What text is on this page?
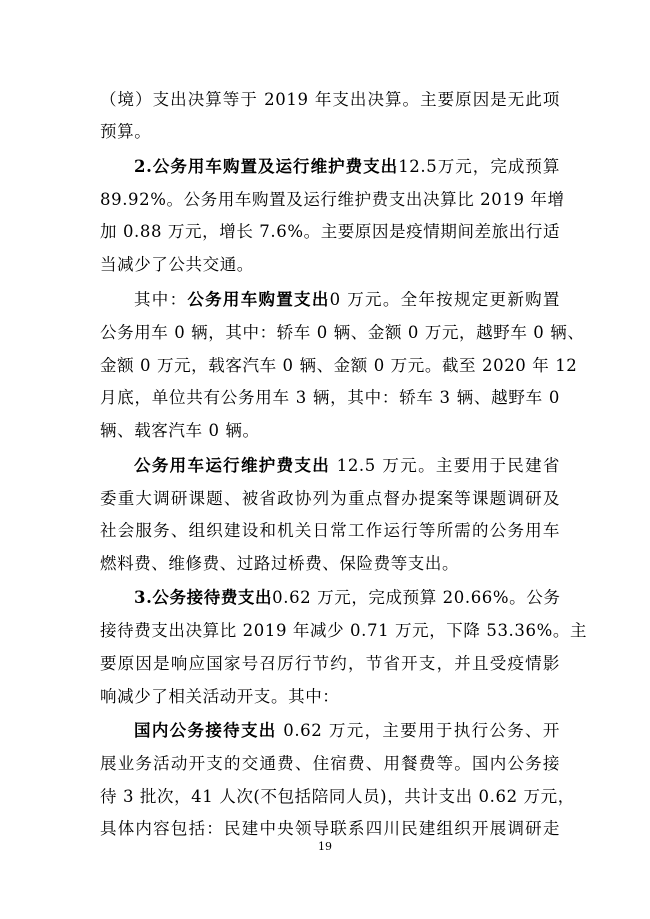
（境）支出决算等于 2019 年支出决算。主要原因是无此项
预算。
2.公务用车购置及运行维护费支出12.5万元，完成预算
89.92%。公务用车购置及运行维护费支出决算比 2019 年增
加 0.88 万元，增长 7.6%。主要原因是疫情期间差旅出行适
当减少了公共交通。
其中：公务用车购置支出0 万元。全年按规定更新购置
公务用车 0 辆，其中：轿车 0 辆、金额 0 万元，越野车 0 辆、
金额 0 万元，载客汽车 0 辆、金额 0 万元。截至 2020 年 12
月底，单位共有公务用车 3 辆，其中：轿车 3 辆、越野车 0
辆、载客汽车 0 辆。
公务用车运行维护费支出 12.5 万元。主要用于民建省
委重大调研课题、被省政协列为重点督办提案等课题调研及
社会服务、组织建设和机关日常工作运行等所需的公务用车
燃料费、维修费、过路过桥费、保险费等支出。
3.公务接待费支出0.62 万元，完成预算 20.66%。公务
接待费支出决算比 2019 年减少 0.71 万元，下降 53.36%。主
要原因是响应国家号召厉行节约，节省开支，并且受疫情影
响减少了相关活动开支。其中：
国内公务接待支出 0.62 万元，主要用于执行公务、开
展业务活动开支的交通费、住宿费、用餐费等。国内公务接
待 3 批次，41 人次(不包括陪同人员)，共计支出 0.62 万元，
具体内容包括：民建中央领导联系四川民建组织开展调研走
19
